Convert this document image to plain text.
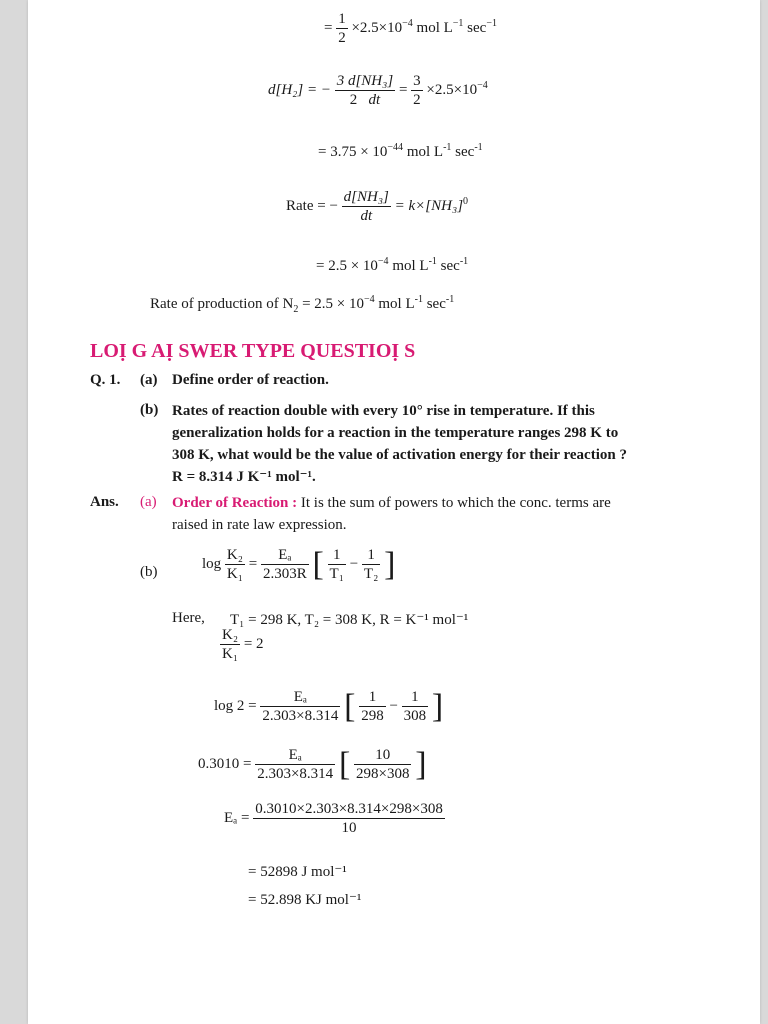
= $\frac{1}{2} \times 2.5\times 10^{-4}$ mol $L^{-1}$ $\sec^{-1}$
d[H₂] = − $\frac{\text{3 d[NH₃]}}{2 dt} = \frac{3}{2} \times 2.5\times 10^{-4}$
= $3.75 \times 10^{-44}$ mol $L^{-1}$ $\sec^{-1}$
Rate = − $\frac{\text{d[NH₃]}}{dt} = k\times[NH_3]^0$
= $2.5 \times 10^{-4}$ mol $L^{-1}$ $\sec^{-1}$
Rate of production of $N_2 = 2.5 \times 10^{-4}$ mol $L^{-1}$ $\sec^{-1}$
LOỊ G AỊ SWER TYPE QUESTIOỊ S
Q. 1. (a) Define order of reaction.
(b) Rates of reaction double with every 10° rise in temperature. If this
generalization holds for a reaction in the temperature ranges 298 K to
308 K, what would be the value of activation energy for their reaction ?
R = 8.314 J K⁻¹ mol⁻¹.
Ans. (a) Order of Reaction : It is the sum of powers to which the conc. terms are
raised in rate law expression.
(b)
$\log \frac{\text{K₂}}{\text{K₁}} = \frac{\text{Eₐ}}{2.303R}$ [ $\frac{1}{\text{T₁}} - \frac{1}{\text{T₂}}$ ]
Here, T₁ = 298 K, T₂ = 308 K, R = K⁻¹ mol⁻¹
$\frac{\text{K₂}}{\text{K₁}} = 2$
$\log 2 = \frac{\text{Eₐ}}{2.303\times 8.314}$ [ $\frac{1}{298} - \frac{1}{308}$ ]
$0.3010 = \frac{\text{Eₐ}}{2.303\times 8.314}$ [ $\frac{10}{298\times 308}$ ]
$E_a = \frac{0.3010\times 2.303\times 8.314\times 298\times 308}{10}$
= 52898 J mol⁻¹
= 52.898 KJ mol⁻¹
